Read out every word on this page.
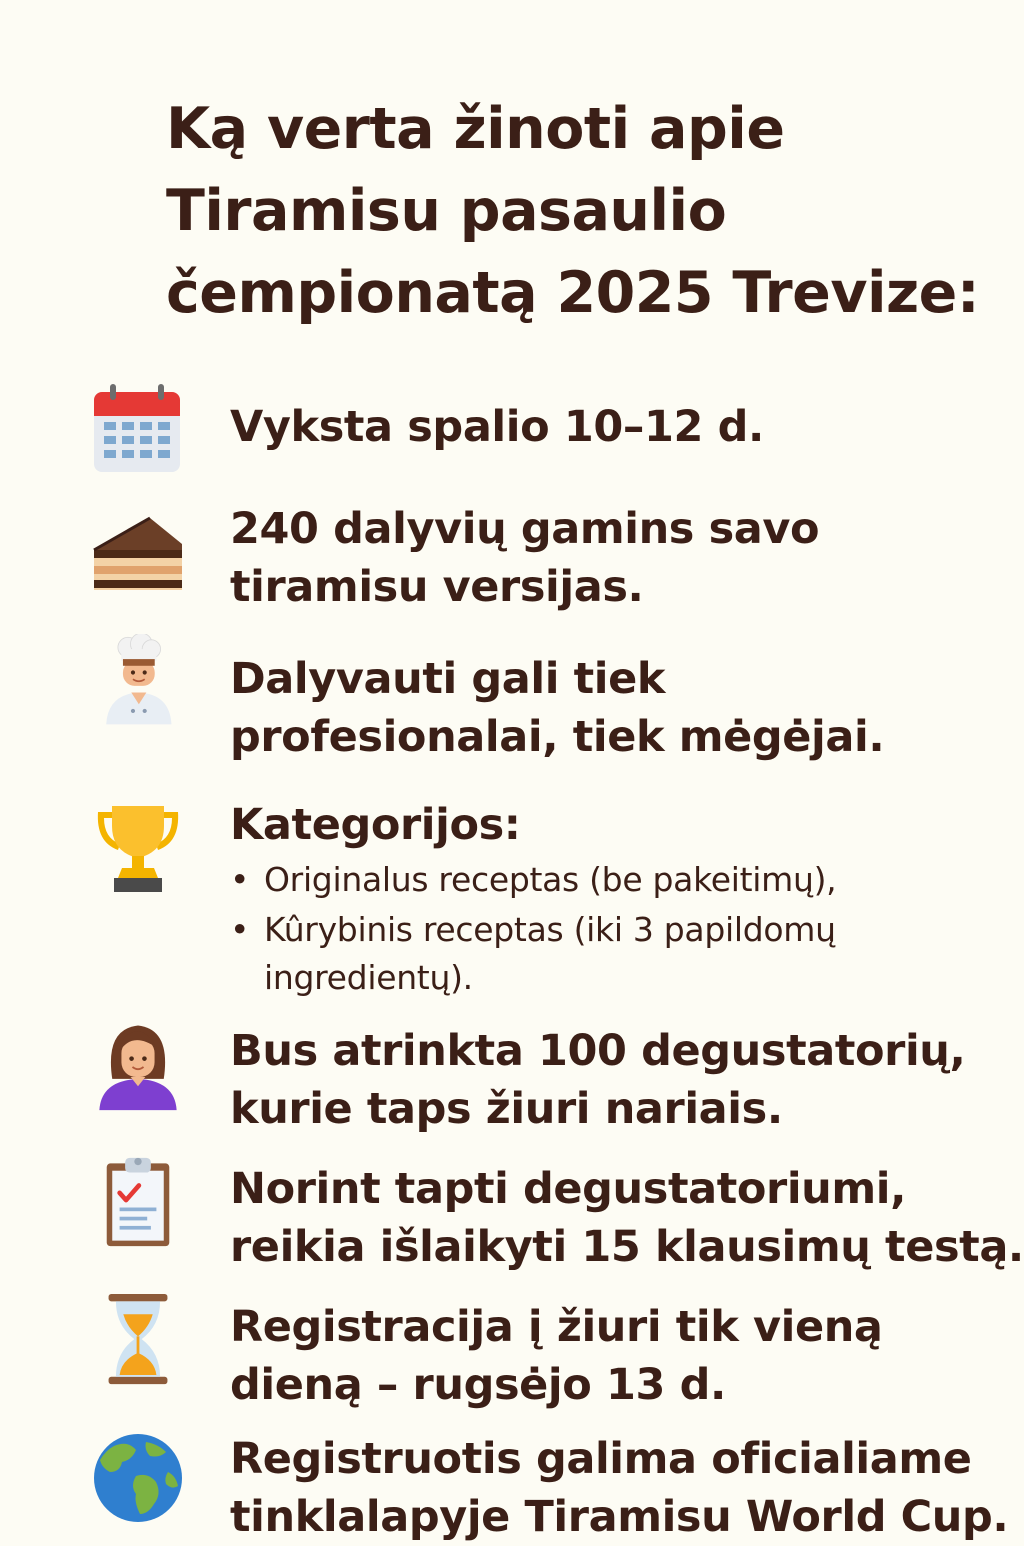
Ką verta žinoti apie
Tiramisu pasaulio
čempionatą 2025 Trevize:
Vyksta spalio 10–12 d.
240 dalyvių gamins savo
tiramisu versijas.
Dalyvauti gali tiek
profesionalai, tiek mėgėjai.
Kategorijos:
• Originalus receptas (be pakeitimų),
• Kûrybinis receptas (iki 3 papildomų
ingredientų).
Bus atrinkta 100 degustatorių,
kurie taps žiuri nariais.
Norint tapti degustatoriumi,
reikia išlaikyti 15 klausimų testą.
Registracija į žiuri tik vieną
dieną – rugsėjo 13 d.
Registruotis galima oficialiame
tinklalapyje Tiramisu World Cup.
